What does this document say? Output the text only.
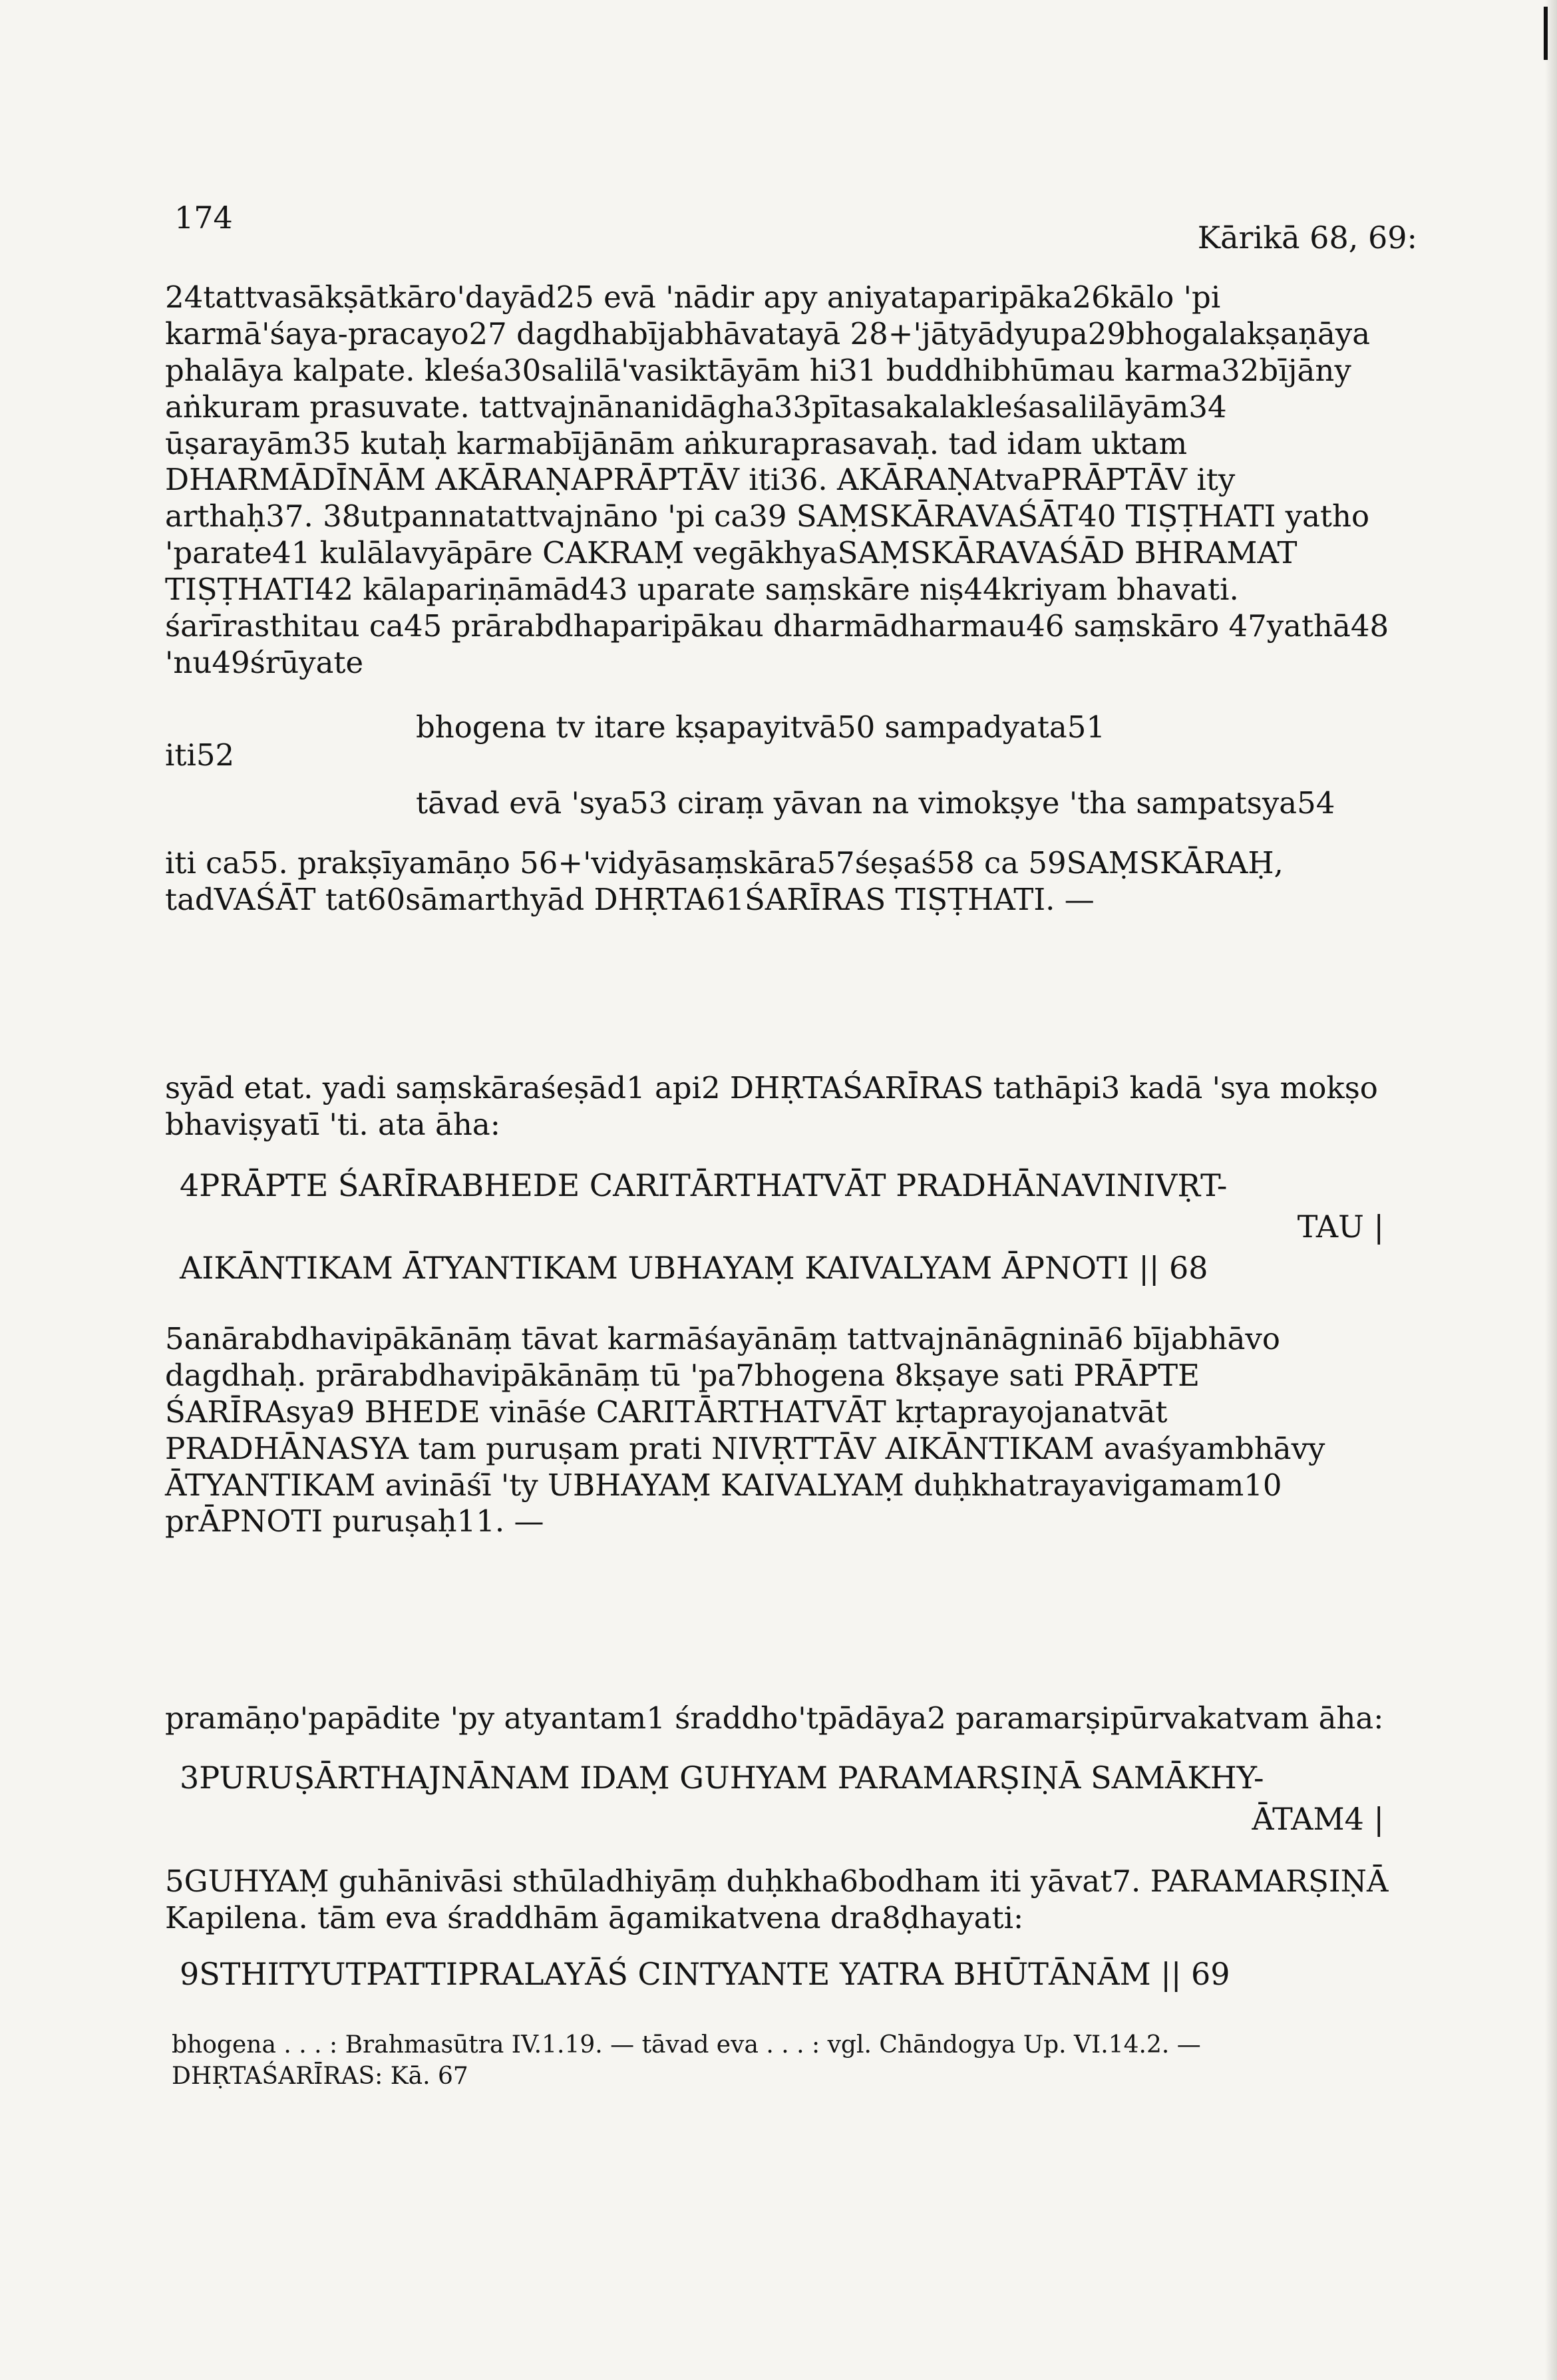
174
Kārikā 68, 69:

24tattvasākṣātkāro'dayād25 evā 'nādir apy aniyataparipāka26kālo 'pi karmā'śaya-pracayo27 dagdhabījabhāvatayā 28+'jātyādyupa29bhogalakṣaṇāya phalāya kalpate. kleśa30salilā'vasiktāyām hi31 buddhibhūmau karma32bījāny aṅkuram prasuvate. tattvajnānanidāgha33pītasakalakleśasalilāyām34 ūṣarayām35 kutaḥ karmabījānām aṅkuraprasavaḥ. tad idam uktam DHARMĀDĪNĀM AKĀRAṆAPRĀPTĀV iti36. AKĀRAṆAtvaPRĀPTĀV ity arthaḥ37. 38utpannatattvajnāno 'pi ca39 SAṂSKĀRAVAŚĀT40 TIṢṬHATI yatho 'parate41 kulālavyāpāre CAKRAṂ vegākhyaSAṂSKĀRAVAŚĀD BHRAMAT TIṢṬHATI42 kālapariṇāmād43 uparate saṃskāre niṣ44kriyam bhavati. śarīrasthitau ca45 prārabdhaparipākau dharmādharmau46 saṃskāro 47yathā48 'nu49śrūyate

bhogena tv itare kṣapayitvā50 sampadyata51
iti52
tāvad evā 'sya53 ciraṃ yāvan na vimokṣye 'tha sampatsya54

iti ca55. prakṣīyamāṇo 56+'vidyāsaṃskāra57śeṣaś58 ca 59SAṂSKĀRAḤ, tadVAŚĀT tat60sāmarthyād DHṚTA61ŚARĪRAS TIṢṬHATI. —

syād etat. yadi saṃskāraśeṣād1 api2 DHṚTAŚARĪRAS tathāpi3 kadā 'sya mokṣo bhaviṣyatī 'ti. ata āha:

4PRĀPTE ŚARĪRABHEDE CARITĀRTHATVĀT PRADHĀNAVINIVṚT-
TAU |
AIKĀNTIKAM ĀTYANTIKAM UBHAYAṂ KAIVALYAM ĀPNOTI || 68

5anārabdhavipākānāṃ tāvat karmāśayānāṃ tattvajnānāgninā6 bījabhāvo dagdhaḥ. prārabdhavipākānāṃ tū 'pa7bhogena 8kṣaye sati PRĀPTE ŚARĪRAsya9 BHEDE vināśe CARITĀRTHATVĀT kṛtaprayojanatvāt PRADHĀNASYA tam puruṣam prati NIVṚTTĀV AIKĀNTIKAM avaśyambhāvy ĀTYANTIKAM avināśī 'ty UBHAYAṂ KAIVALYAṂ duḥkhatrayavigamam10 prĀPNOTI puruṣaḥ11. —

pramāṇo'papādite 'py atyantam1 śraddho'tpādāya2 paramarṣipūrvakatvam āha:

3PURUṢĀRTHAJNĀNAM IDAṂ GUHYAM PARAMARṢIṆĀ SAMĀKHY-
ĀTAM4 |

5GUHYAṂ guhānivāsi sthūladhiyāṃ duḥkha6bodham iti yāvat7. PARAMARṢIṆĀ Kapilena. tām eva śraddhām āgamikatvena dra8ḍhayati:

9STHITYUTPATTIPRALAYĀŚ CINTYANTE YATRA BHŪTĀNĀM || 69
bhogena . . . : Brahmasūtra IV.1.19. — tāvad eva . . . : vgl. Chāndogya Up. VI.14.2. —
DHṚTAŚARĪRAS: Kā. 67
